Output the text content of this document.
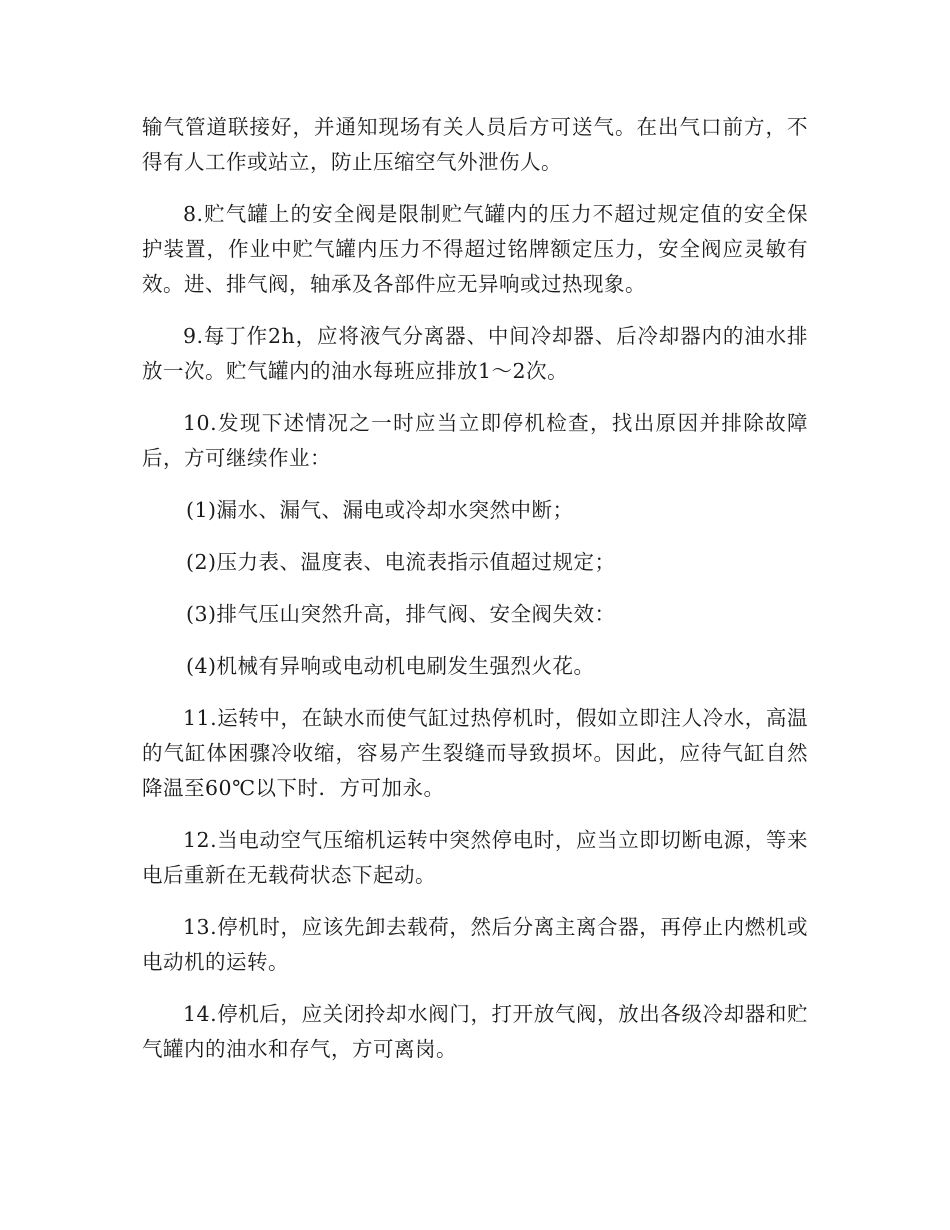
输气管道联接好，并通知现场有关人员后方可送气。在出气口前方，不得有人工作或站立，防止压缩空气外泄伤人。

8.贮气罐上的安全阀是限制贮气罐内的压力不超过规定值的安全保护装置，作业中贮气罐内压力不得超过铭牌额定压力，安全阀应灵敏有效。进、排气阀，轴承及各部件应无异响或过热现象。

9.每丁作2h，应将液气分离器、中间冷却器、后冷却器内的油水排放一次。贮气罐内的油水每班应排放1～2次。

10.发现下述情况之一时应当立即停机检查，找出原因并排除故障后，方可继续作业：

(1)漏水、漏气、漏电或冷却水突然中断；

(2)压力表、温度表、电流表指示值超过规定；

(3)排气压山突然升高，排气阀、安全阀失效：

(4)机械有异响或电动机电刷发生强烈火花。

11.运转中，在缺水而使气缸过热停机时，假如立即注人冷水，高温的气缸体困骤冷收缩，容易产生裂缝而导致损坏。因此，应待气缸自然降温至60℃以下时．方可加永。

12.当电动空气压缩机运转中突然停电时，应当立即切断电源，等来电后重新在无载荷状态下起动。

13.停机时，应该先卸去载荷，然后分离主离合器，再停止内燃机或电动机的运转。

14.停机后，应关闭拎却水阀门，打开放气阀，放出各级冷却器和贮气罐内的油水和存气，方可离岗。
